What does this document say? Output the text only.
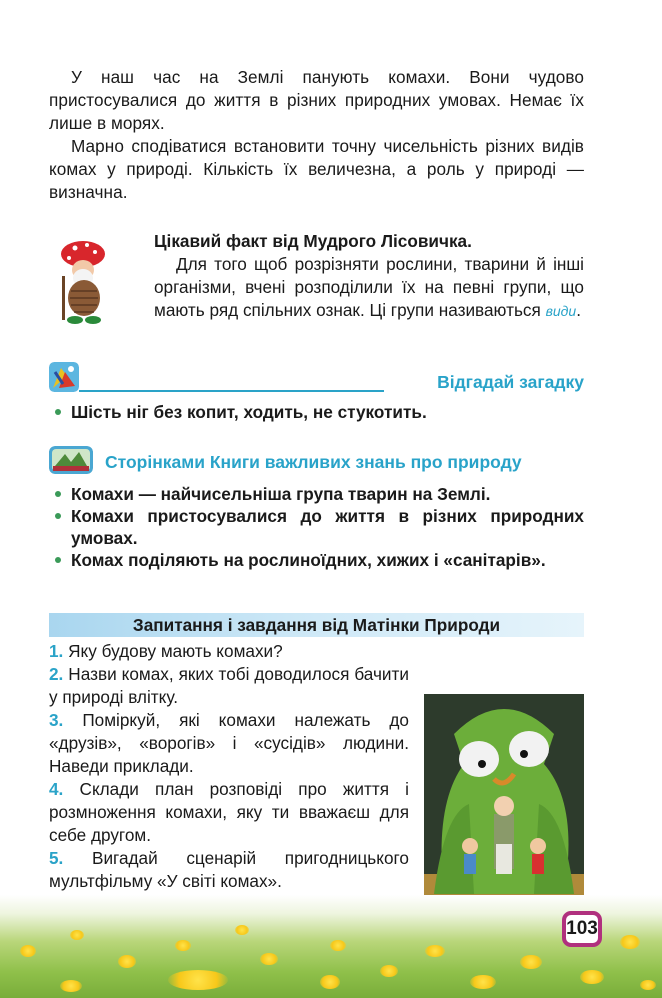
У наш час на Землі панують комахи. Вони чудово пристосувалися до життя в різних природних умовах. Немає їх лише в морях.

Марно сподіватися встановити точну чисельність різних видів комах у природі. Кількість їх величезна, а роль у природі — визначна.

Цікавий факт від Мудрого Лісовичка.

Для того щоб розрізняти рослини, тварини й інші організми, вчені розподілили їх на певні групи, що мають ряд спільних ознак. Ці групи називаються види.

Відгадай загадку
Шість ніг без копит, ходить, не стукотить.
Сторінками Книги важливих знань про природу
Комахи — найчисельніша група тварин на Землі.
Комахи пристосувалися до життя в різних природних умовах.
Комах поділяють на рослиноїдних, хижих і «санітарів».
Запитання і завдання від Матінки Природи

1. Яку будову мають комахи?

2. Назви комах, яких тобі доводилося бачити у природі влітку.

3. Поміркуй, які комахи належать до «друзів», «ворогів» і «сусідів» людини. Наведи приклади.

4. Склади план розповіді про життя і розмноження комахи, яку ти вважаєш для себе другом.

5. Вигадай сценарій пригодницького мультфільму «У світі комах».

103
